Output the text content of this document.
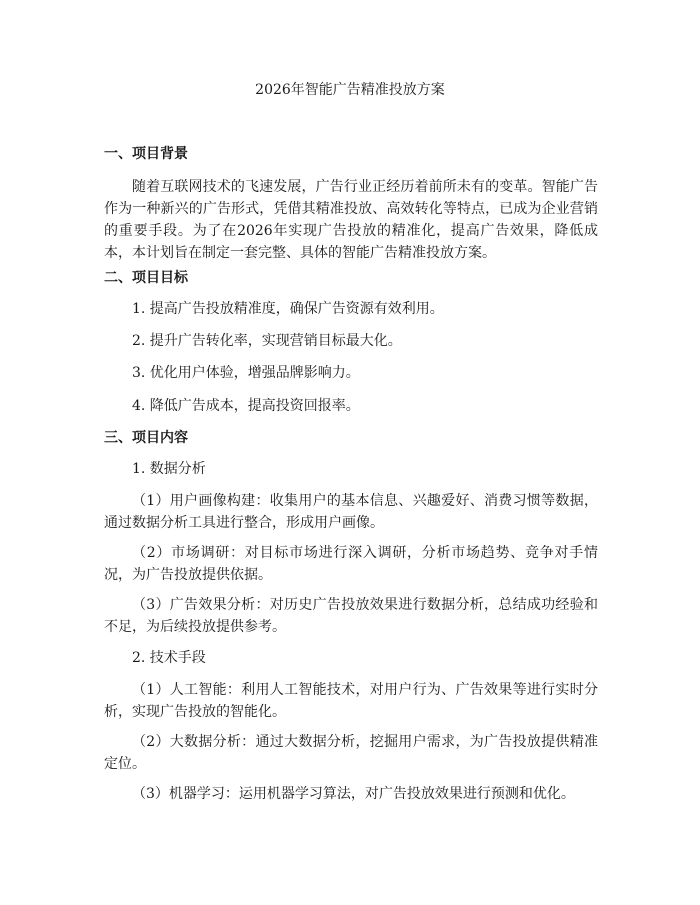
2026年智能广告精准投放方案
一、项目背景
随着互联网技术的飞速发展，广告行业正经历着前所未有的变革。智能广告作为一种新兴的广告形式，凭借其精准投放、高效转化等特点，已成为企业营销的重要手段。为了在2026年实现广告投放的精准化，提高广告效果，降低成本，本计划旨在制定一套完整、具体的智能广告精准投放方案。
二、项目目标
1. 提高广告投放精准度，确保广告资源有效利用。
2. 提升广告转化率，实现营销目标最大化。
3. 优化用户体验，增强品牌影响力。
4. 降低广告成本，提高投资回报率。
三、项目内容
1. 数据分析
（1）用户画像构建：收集用户的基本信息、兴趣爱好、消费习惯等数据，通过数据分析工具进行整合，形成用户画像。
（2）市场调研：对目标市场进行深入调研，分析市场趋势、竞争对手情况，为广告投放提供依据。
（3）广告效果分析：对历史广告投放效果进行数据分析，总结成功经验和不足，为后续投放提供参考。
2. 技术手段
（1）人工智能：利用人工智能技术，对用户行为、广告效果等进行实时分析，实现广告投放的智能化。
（2）大数据分析：通过大数据分析，挖掘用户需求，为广告投放提供精准定位。
（3）机器学习：运用机器学习算法，对广告投放效果进行预测和优化。
